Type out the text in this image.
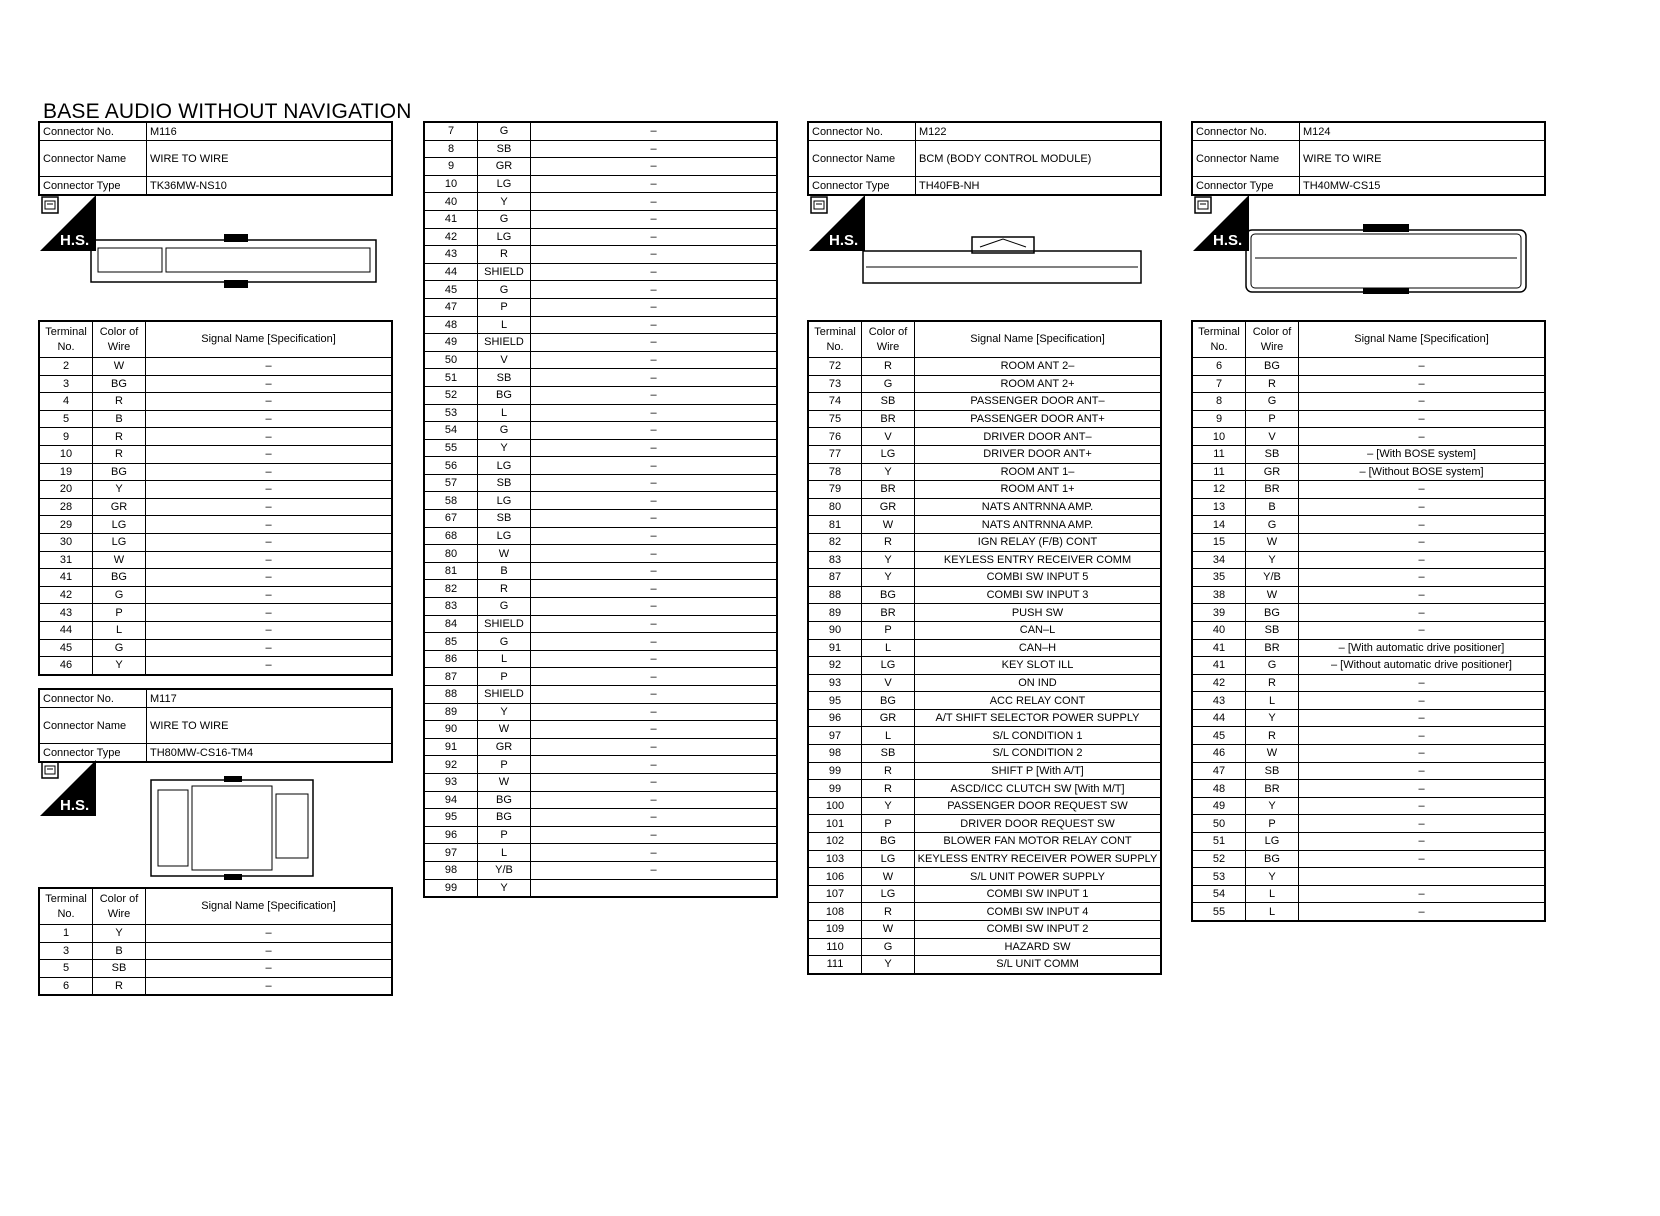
BASE AUDIO WITHOUT NAVIGATION
Connector No.	M116
Connector Name	WIRE TO WIRE
Connector Type	TK36MW-NS10
H.S.
Terminal No.	Color of Wire	Signal Name [Specification]
2	W	–
3	BG	–
4	R	–
5	B	–
9	R	–
10	R	–
19	BG	–
20	Y	–
28	GR	–
29	LG	–
30	LG	–
31	W	–
41	BG	–
42	G	–
43	P	–
44	L	–
45	G	–
46	Y	–
7	G	–
8	SB	–
9	GR	–
10	LG	–
40	Y	–
41	G	–
42	LG	–
43	R	–
44	SHIELD	–
45	G	–
47	P	–
48	L	–
49	SHIELD	–
50	V	–
51	SB	–
52	BG	–
53	L	–
54	G	–
55	Y	–
56	LG	–
57	SB	–
58	LG	–
67	SB	–
68	LG	–
80	W	–
81	B	–
82	R	–
83	G	–
84	SHIELD	–
85	G	–
86	L	–
87	P	–
88	SHIELD	–
89	Y	–
90	W	–
91	GR	–
92	P	–
93	W	–
94	BG	–
95	BG	–
96	P	–
97	L	–
98	Y/B	–
99	Y	
Connector No.	M117
Connector Name	WIRE TO WIRE
Connector Type	TH80MW-CS16-TM4
H.S.
Terminal No.	Color of Wire	Signal Name [Specification]
1	Y	–
3	B	–
5	SB	–
6	R	–
Connector No.	M122
Connector Name	BCM (BODY CONTROL MODULE)
Connector Type	TH40FB-NH
H.S.
Terminal No.	Color of Wire	Signal Name [Specification]
72	R	ROOM ANT 2–
73	G	ROOM ANT 2+
74	SB	PASSENGER DOOR ANT–
75	BR	PASSENGER DOOR ANT+
76	V	DRIVER DOOR ANT–
77	LG	DRIVER DOOR ANT+
78	Y	ROOM ANT 1–
79	BR	ROOM ANT 1+
80	GR	NATS ANTRNNA AMP.
81	W	NATS ANTRNNA AMP.
82	R	IGN RELAY (F/B) CONT
83	Y	KEYLESS ENTRY RECEIVER COMM
87	Y	COMBI SW INPUT 5
88	BG	COMBI SW INPUT 3
89	BR	PUSH SW
90	P	CAN–L
91	L	CAN–H
92	LG	KEY SLOT ILL
93	V	ON IND
95	BG	ACC RELAY CONT
96	GR	A/T SHIFT SELECTOR POWER SUPPLY
97	L	S/L CONDITION 1
98	SB	S/L CONDITION 2
99	R	SHIFT P [With A/T]
99	R	ASCD/ICC CLUTCH SW [With M/T]
100	Y	PASSENGER DOOR REQUEST SW
101	P	DRIVER DOOR REQUEST SW
102	BG	BLOWER FAN MOTOR RELAY CONT
103	LG	KEYLESS ENTRY RECEIVER POWER SUPPLY
106	W	S/L UNIT POWER SUPPLY
107	LG	COMBI SW INPUT 1
108	R	COMBI SW INPUT 4
109	W	COMBI SW INPUT 2
110	G	HAZARD SW
111	Y	S/L UNIT COMM
Connector No.	M124
Connector Name	WIRE TO WIRE
Connector Type	TH40MW-CS15
H.S.
Terminal No.	Color of Wire	Signal Name [Specification]
6	BG	–
7	R	–
8	G	–
9	P	–
10	V	–
11	SB	– [With BOSE system]
11	GR	– [Without BOSE system]
12	BR	–
13	B	–
14	G	–
15	W	–
34	Y	–
35	Y/B	–
38	W	–
39	BG	–
40	SB	–
41	BR	– [With automatic drive positioner]
41	G	– [Without automatic drive positioner]
42	R	–
43	L	–
44	Y	–
45	R	–
46	W	–
47	SB	–
48	BR	–
49	Y	–
50	P	–
51	LG	–
52	BG	–
53	Y	
54	L	–
55	L	–
